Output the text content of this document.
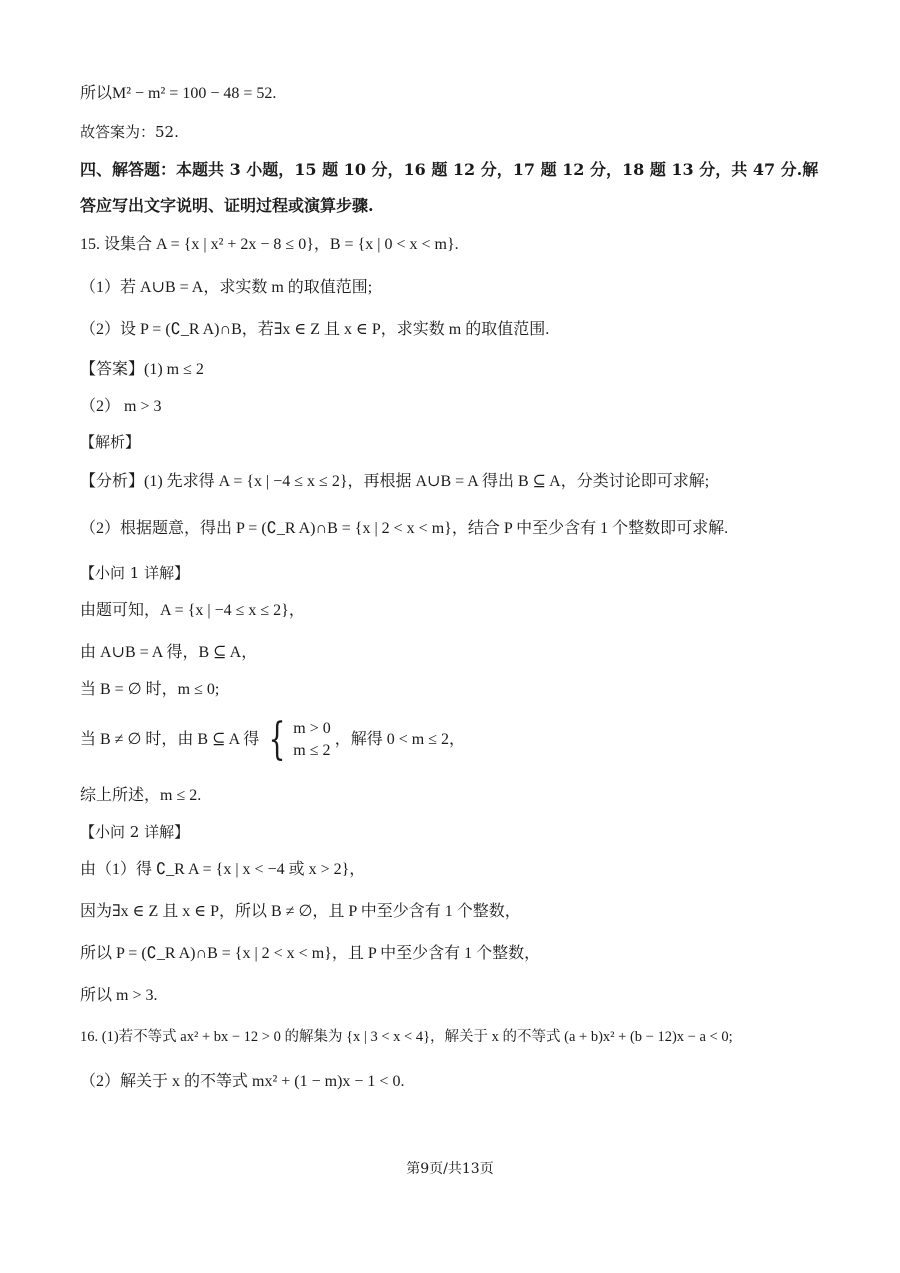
所以M² − m² = 100 − 48 = 52.
故答案为：52.
四、解答题：本题共 3 小题，15 题 10 分，16 题 12 分，17 题 12 分，18 题 13 分，共 47 分.解
答应写出文字说明、证明过程或演算步骤.
15. 设集合 A = {x | x² + 2x − 8 ≤ 0}，B = {x | 0 < x < m}.
（1）若 A∪B = A，求实数 m 的取值范围;
（2）设 P = (∁_R A)∩B，若∃x ∈ Z 且 x ∈ P，求实数 m 的取值范围.
【答案】(1) m ≤ 2
（2） m > 3
【解析】
【分析】(1) 先求得 A = {x | −4 ≤ x ≤ 2}，再根据 A∪B = A 得出 B ⊆ A，分类讨论即可求解;
（2）根据题意，得出 P = (∁_R A)∩B = {x | 2 < x < m}，结合 P 中至少含有 1 个整数即可求解.
【小问 1 详解】
由题可知，A = {x | −4 ≤ x ≤ 2}，
由 A∪B = A 得，B ⊆ A，
当 B = ∅ 时，m ≤ 0;
当 B ≠ ∅ 时，由 B ⊆ A 得 { m > 0
m ≤ 2
，解得 0 < m ≤ 2，
综上所述，m ≤ 2.
【小问 2 详解】
由（1）得 ∁_R A = {x | x < −4 或 x > 2}，
因为∃x ∈ Z 且 x ∈ P，所以 B ≠ ∅，且 P 中至少含有 1 个整数，
所以 P = (∁_R A)∩B = {x | 2 < x < m}，且 P 中至少含有 1 个整数，
所以 m > 3.
16. (1)若不等式 ax² + bx − 12 > 0 的解集为 {x | 3 < x < 4}，解关于 x 的不等式 (a + b)x² + (b − 12)x − a < 0;
（2）解关于 x 的不等式 mx² + (1 − m)x − 1 < 0.
第9页/共13页
